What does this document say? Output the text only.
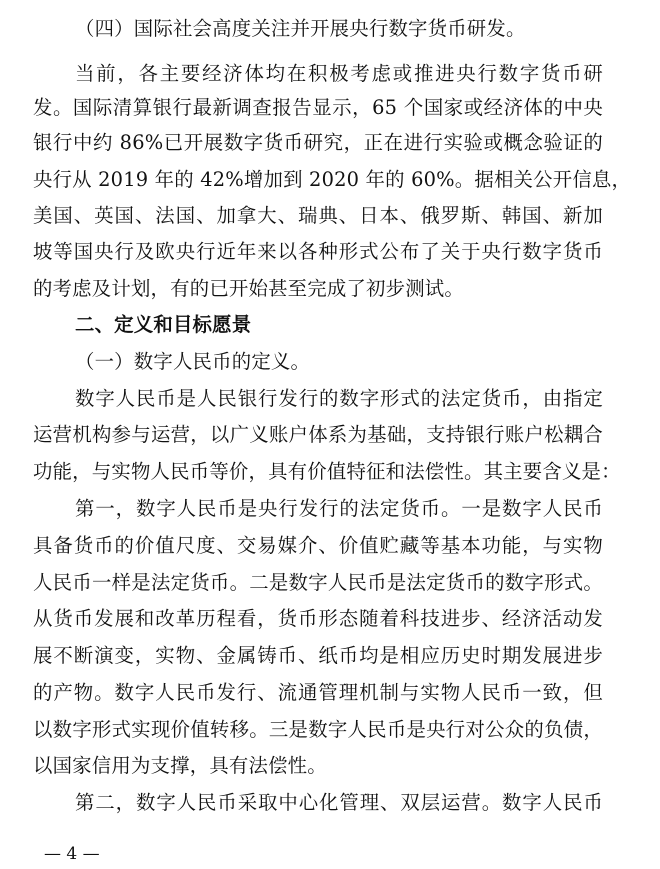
（四）国际社会高度关注并开展央行数字货币研发。
当前，各主要经济体均在积极考虑或推进央行数字货币研
发。国际清算银行最新调查报告显示，65 个国家或经济体的中央
银行中约 86%已开展数字货币研究，正在进行实验或概念验证的
央行从 2019 年的 42%增加到 2020 年的 60%。据相关公开信息，
美国、英国、法国、加拿大、瑞典、日本、俄罗斯、韩国、新加
坡等国央行及欧央行近年来以各种形式公布了关于央行数字货币
的考虑及计划，有的已开始甚至完成了初步测试。
二、定义和目标愿景
（一）数字人民币的定义。
数字人民币是人民银行发行的数字形式的法定货币，由指定
运营机构参与运营，以广义账户体系为基础，支持银行账户松耦合
功能，与实物人民币等价，具有价值特征和法偿性。其主要含义是：
第一，数字人民币是央行发行的法定货币。一是数字人民币
具备货币的价值尺度、交易媒介、价值贮藏等基本功能，与实物
人民币一样是法定货币。二是数字人民币是法定货币的数字形式。
从货币发展和改革历程看，货币形态随着科技进步、经济活动发
展不断演变，实物、金属铸币、纸币均是相应历史时期发展进步
的产物。数字人民币发行、流通管理机制与实物人民币一致，但
以数字形式实现价值转移。三是数字人民币是央行对公众的负债，
以国家信用为支撑，具有法偿性。
第二，数字人民币采取中心化管理、双层运营。数字人民币
— 4 —
